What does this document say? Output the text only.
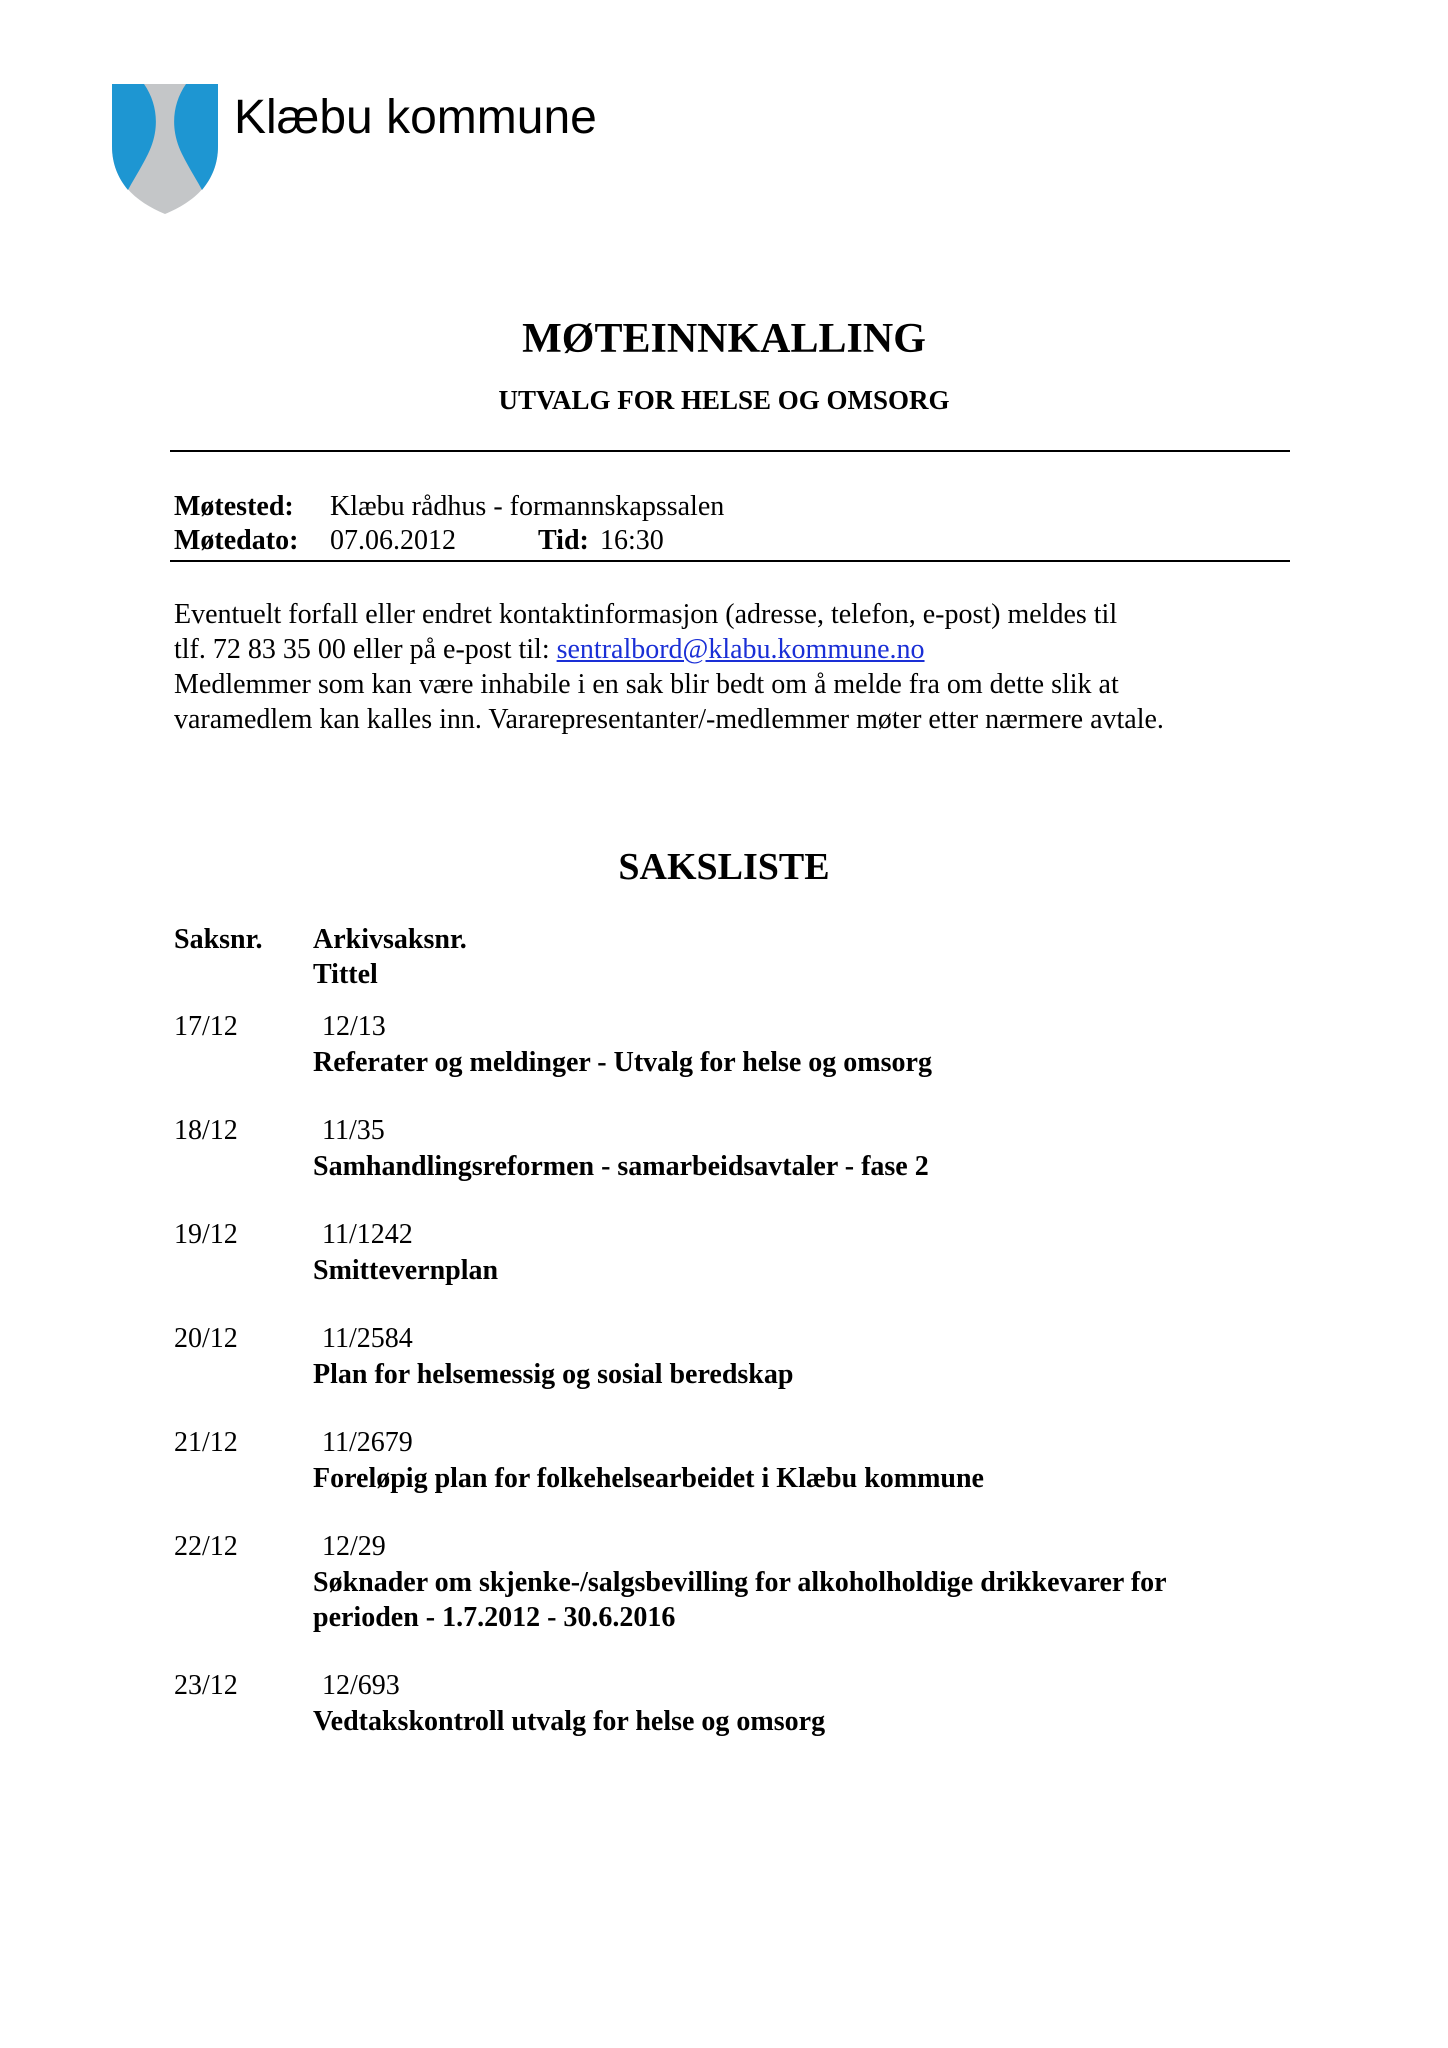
Klæbu kommune
MØTEINNKALLING
UTVALG FOR HELSE OG OMSORG
Møtested: Klæbu rådhus - formannskapssalen
Møtedato: 07.06.2012	Tid: 16:30
Eventuelt forfall eller endret kontaktinformasjon (adresse, telefon, e-post) meldes til
tlf. 72 83 35 00 eller på e-post til: sentralbord@klabu.kommune.no
Medlemmer som kan være inhabile i en sak blir bedt om å melde fra om dette slik at
varamedlem kan kalles inn. Vararepresentanter/-medlemmer møter etter nærmere avtale.
SAKSLISTE
Saksnr. Arkivsaksnr.
Tittel
17/12	12/13
Referater og meldinger - Utvalg for helse og omsorg
18/12	11/35
Samhandlingsreformen - samarbeidsavtaler - fase 2
19/12	11/1242
Smittevernplan
20/12	11/2584
Plan for helsemessig og sosial beredskap
21/12	11/2679
Foreløpig plan for folkehelsearbeidet i Klæbu kommune
22/12	12/29
Søknader om skjenke-/salgsbevilling for alkoholholdige drikkevarer for perioden - 1.7.2012 - 30.6.2016
23/12	12/693
Vedtakskontroll utvalg for helse og omsorg
